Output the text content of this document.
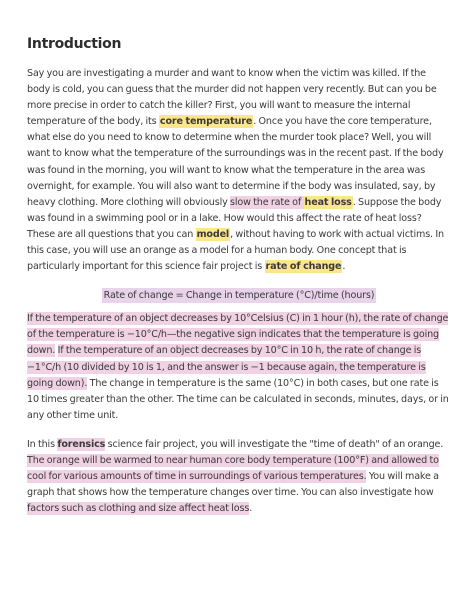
Introduction

Say you are investigating a murder and want to know when the victim was killed. If the body is cold, you can guess that the murder did not happen very recently. But can you be more precise in order to catch the killer? First, you will want to measure the internal temperature of the body, its core temperature. Once you have the core temperature, what else do you need to know to determine when the murder took place? Well, you will want to know what the temperature of the surroundings was in the recent past. If the body was found in the morning, you will want to know what the temperature in the area was overnight, for example. You will also want to determine if the body was insulated, say, by heavy clothing. More clothing will obviously slow the rate of heat loss. Suppose the body was found in a swimming pool or in a lake. How would this affect the rate of heat loss? These are all questions that you can model, without having to work with actual victims. In this case, you will use an orange as a model for a human body. One concept that is particularly important for this science fair project is rate of change.

Rate of change = Change in temperature (°C)/time (hours)

If the temperature of an object decreases by 10°Celsius (C) in 1 hour (h), the rate of change of the temperature is −10°C/h—the negative sign indicates that the temperature is going down. If the temperature of an object decreases by 10°C in 10 h, the rate of change is −1°C/h (10 divided by 10 is 1, and the answer is −1 because again, the temperature is going down). The change in temperature is the same (10°C) in both cases, but one rate is 10 times greater than the other. The time can be calculated in seconds, minutes, days, or in any other time unit.

In this forensics science fair project, you will investigate the "time of death" of an orange. The orange will be warmed to near human core body temperature (100°F) and allowed to cool for various amounts of time in surroundings of various temperatures. You will make a graph that shows how the temperature changes over time. You can also investigate how factors such as clothing and size affect heat loss.
